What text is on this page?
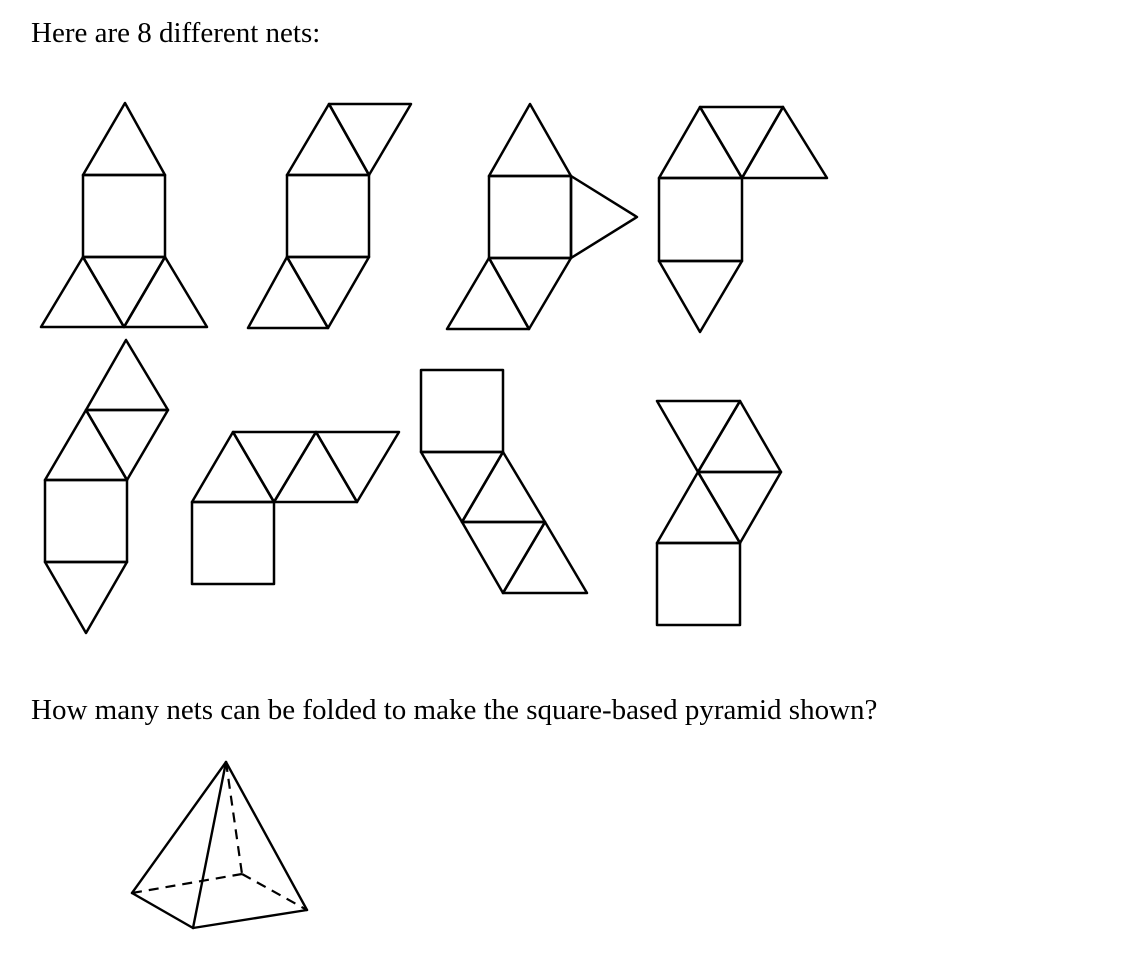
Here are 8 different nets:

How many nets can be folded to make the square-based pyramid shown?
